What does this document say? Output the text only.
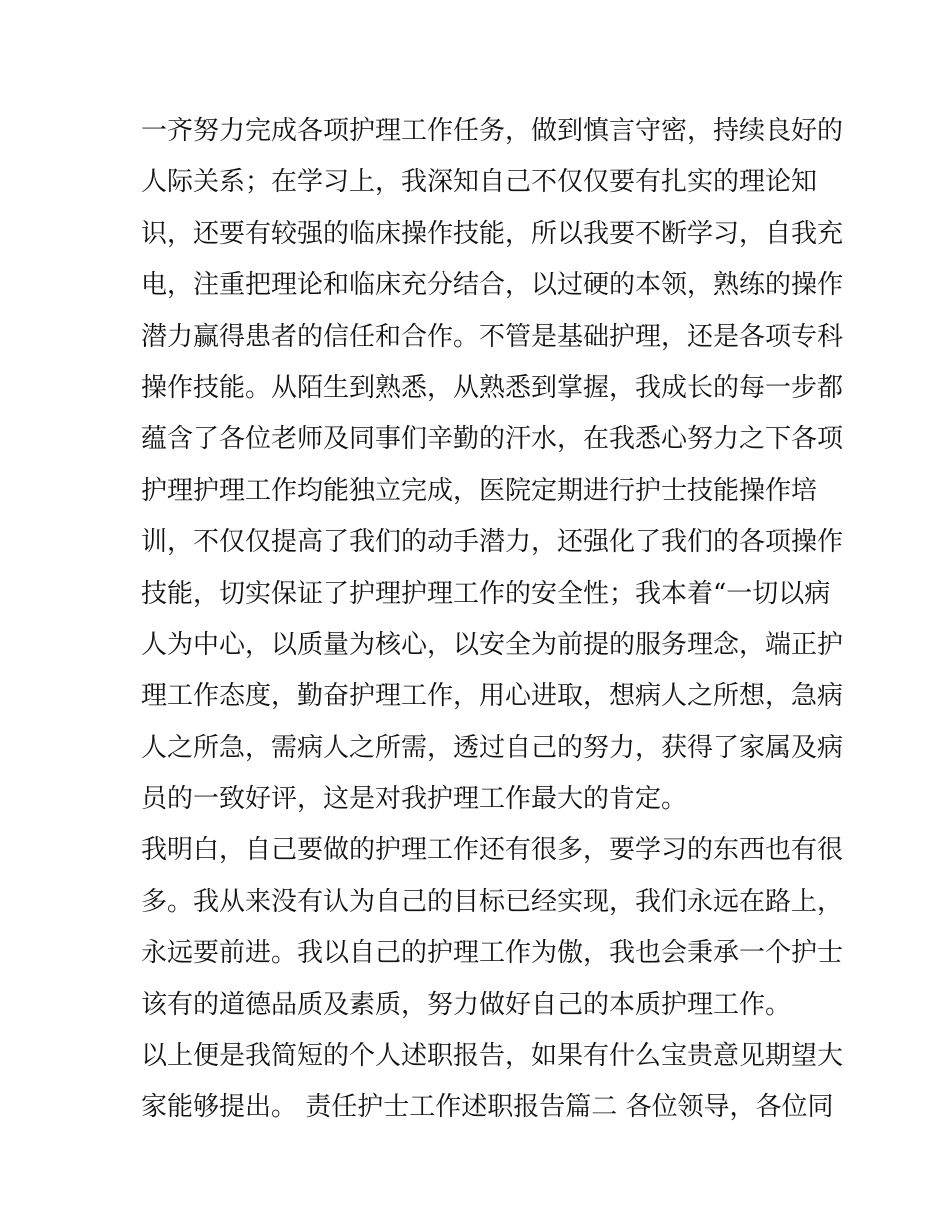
一齐努力完成各项护理工作任务，做到慎言守密，持续良好的
人际关系；在学习上，我深知自己不仅仅要有扎实的理论知
识，还要有较强的临床操作技能，所以我要不断学习，自我充
电，注重把理论和临床充分结合，以过硬的本领，熟练的操作
潜力赢得患者的信任和合作。不管是基础护理，还是各项专科
操作技能。从陌生到熟悉，从熟悉到掌握，我成长的每一步都
蕴含了各位老师及同事们辛勤的汗水，在我悉心努力之下各项
护理护理工作均能独立完成，医院定期进行护士技能操作培
训，不仅仅提高了我们的动手潜力，还强化了我们的各项操作
技能，切实保证了护理护理工作的安全性；我本着“一切以病
人为中心，以质量为核心，以安全为前提的服务理念，端正护
理工作态度，勤奋护理工作，用心进取，想病人之所想，急病
人之所急，需病人之所需，透过自己的努力，获得了家属及病
员的一致好评，这是对我护理工作最大的肯定。
我明白，自己要做的护理工作还有很多，要学习的东西也有很
多。我从来没有认为自己的目标已经实现，我们永远在路上，
永远要前进。我以自己的护理工作为傲，我也会秉承一个护士
该有的道德品质及素质，努力做好自己的本质护理工作。
以上便是我简短的个人述职报告，如果有什么宝贵意见期望大
家能够提出。 责任护士工作述职报告篇二 各位领导，各位同
